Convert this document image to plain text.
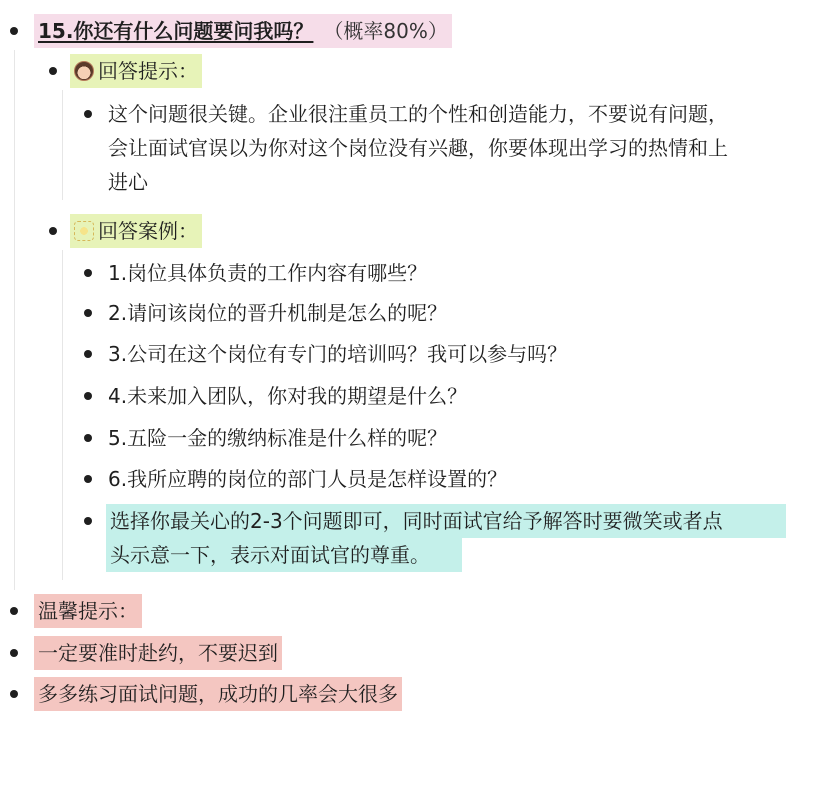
15.你还有什么问题要问我吗？ （概率80%）
回答提示：
这个问题很关键。企业很注重员工的个性和创造能力，不要说有问题，
会让面试官误以为你对这个岗位没有兴趣，你要体现出学习的热情和上
进心
回答案例：
1.岗位具体负责的工作内容有哪些？
2.请问该岗位的晋升机制是怎么的呢？
3.公司在这个岗位有专门的培训吗？我可以参与吗？
4.未来加入团队，你对我的期望是什么？
5.五险一金的缴纳标准是什么样的呢？
6.我所应聘的岗位的部门人员是怎样设置的？
选择你最关心的2-3个问题即可，同时面试官给予解答时要微笑或者点
头示意一下，表示对面试官的尊重。
温馨提示：
一定要准时赴约，不要迟到
多多练习面试问题，成功的几率会大很多
